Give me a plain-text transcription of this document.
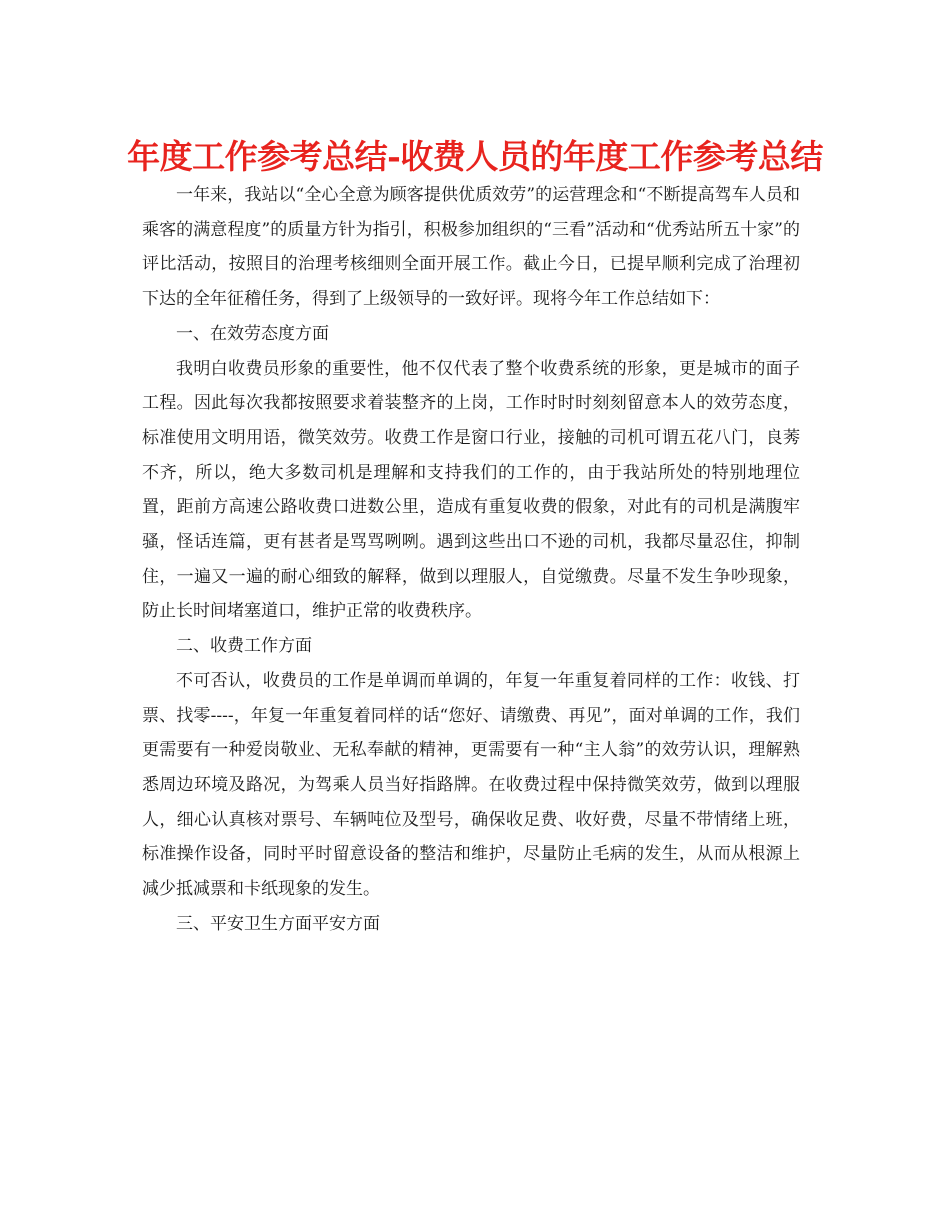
年度工作参考总结-收费人员的年度工作参考总结

一年来，我站以“全心全意为顾客提供优质效劳”的运营理念和“不断提高驾车人员和乘客的满意程度”的质量方针为指引，积极参加组织的“三看”活动和“优秀站所五十家”的评比活动，按照目的治理考核细则全面开展工作。截止今日，已提早顺利完成了治理初下达的全年征稽任务，得到了上级领导的一致好评。现将今年工作总结如下：

一、在效劳态度方面

我明白收费员形象的重要性，他不仅代表了整个收费系统的形象，更是城市的面子工程。因此每次我都按照要求着装整齐的上岗，工作时时时刻刻留意本人的效劳态度，标准使用文明用语，微笑效劳。收费工作是窗口行业，接触的司机可谓五花八门，良莠不齐，所以，绝大多数司机是理解和支持我们的工作的，由于我站所处的特别地理位置，距前方高速公路收费口进数公里，造成有重复收费的假象，对此有的司机是满腹牢骚，怪话连篇，更有甚者是骂骂咧咧。遇到这些出口不逊的司机，我都尽量忍住，抑制住，一遍又一遍的耐心细致的解释，做到以理服人，自觉缴费。尽量不发生争吵现象，防止长时间堵塞道口，维护正常的收费秩序。

二、收费工作方面

不可否认，收费员的工作是单调而单调的，年复一年重复着同样的工作：收钱、打票、找零----，年复一年重复着同样的话“您好、请缴费、再见”，面对单调的工作，我们更需要有一种爱岗敬业、无私奉献的精神，更需要有一种“主人翁”的效劳认识，理解熟悉周边环境及路况，为驾乘人员当好指路牌。在收费过程中保持微笑效劳，做到以理服人，细心认真核对票号、车辆吨位及型号，确保收足费、收好费，尽量不带情绪上班，标准操作设备，同时平时留意设备的整洁和维护，尽量防止毛病的发生，从而从根源上减少抵减票和卡纸现象的发生。

三、平安卫生方面平安方面
